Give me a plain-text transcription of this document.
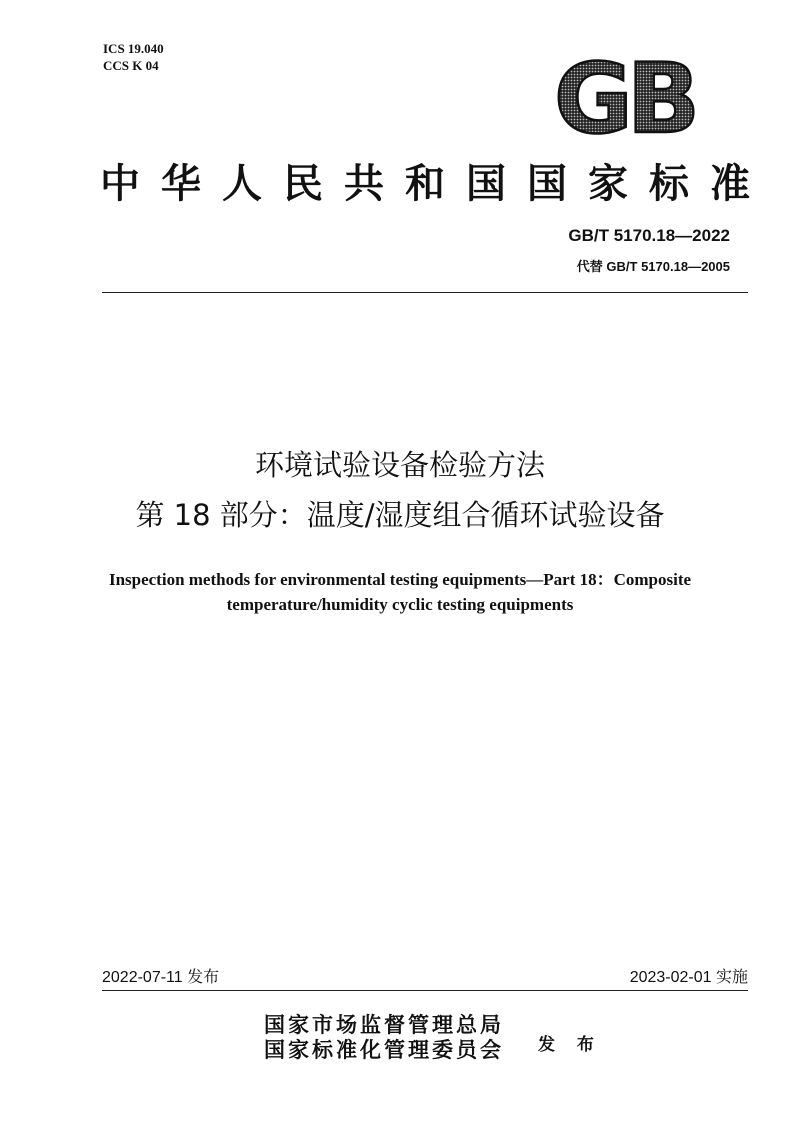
ICS 19.040
CCS K 04	GB
中 华 人 民 共 和 国 国 家 标 准
GB/T 5170.18—2022
代替 GB/T 5170.18—2005
环境试验设备检验方法
第 18 部分：温度/湿度组合循环试验设备
Inspection methods for environmental testing equipments—Part 18：Composite
temperature/humidity cyclic testing equipments
2022-07-11 发布	2023-02-01 实施
国家市场监督管理总局
国家标准化管理委员会 发 布
